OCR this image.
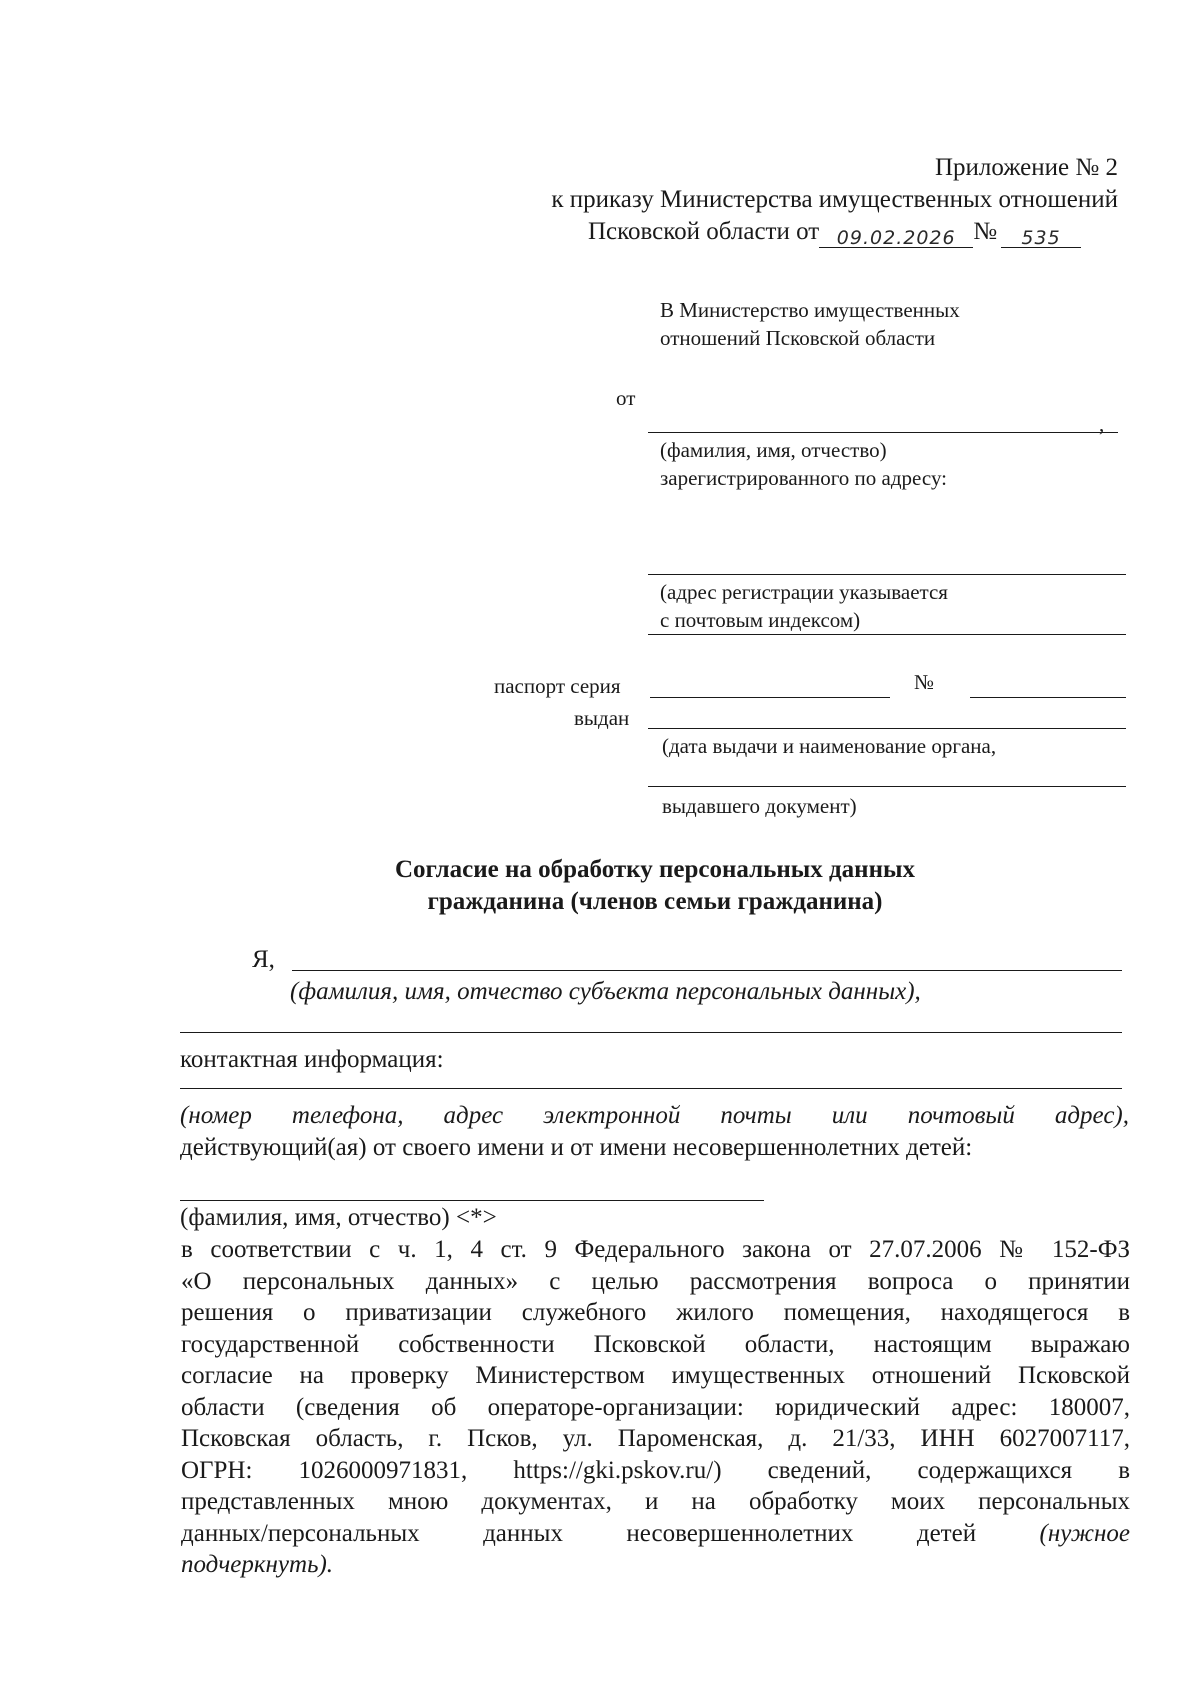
Приложение № 2
к приказу Министерства имущественных отношений
Псковской области от 09.02.2026 № 535
В Министерство имущественных
отношений Псковской области
от
,
(фамилия, имя, отчество)
зарегистрированного по адресу:
(адрес регистрации указывается
с почтовым индексом)
паспорт серия	№
выдан
(дата выдачи и наименование органа,
выдавшего документ)
Согласие на обработку персональных данных
гражданина (членов семьи гражданина)
Я,
(фамилия, имя, отчество субъекта персональных данных),
контактная информация:
(номер телефона, адрес электронной почты или почтовый адрес),
действующий(ая) от своего имени и от имени несовершеннолетних детей:
(фамилия, имя, отчество) <*>
в соответствии с ч. 1, 4 ст. 9 Федерального закона от 27.07.2006 № 152-ФЗ
«О персональных данных» с целью рассмотрения вопроса о принятии
решения о приватизации служебного жилого помещения, находящегося в
государственной собственности Псковской области, настоящим выражаю
согласие на проверку Министерством имущественных отношений Псковской
области (сведения об операторе-организации: юридический адрес: 180007,
Псковская область, г. Псков, ул. Пароменская, д. 21/33, ИНН 6027007117,
ОГРН: 1026000971831, https://gki.pskov.ru/) сведений, содержащихся в
представленных мною документах, и на обработку моих персональных
данных/персональных данных несовершеннолетних детей	(нужное
подчеркнуть).
